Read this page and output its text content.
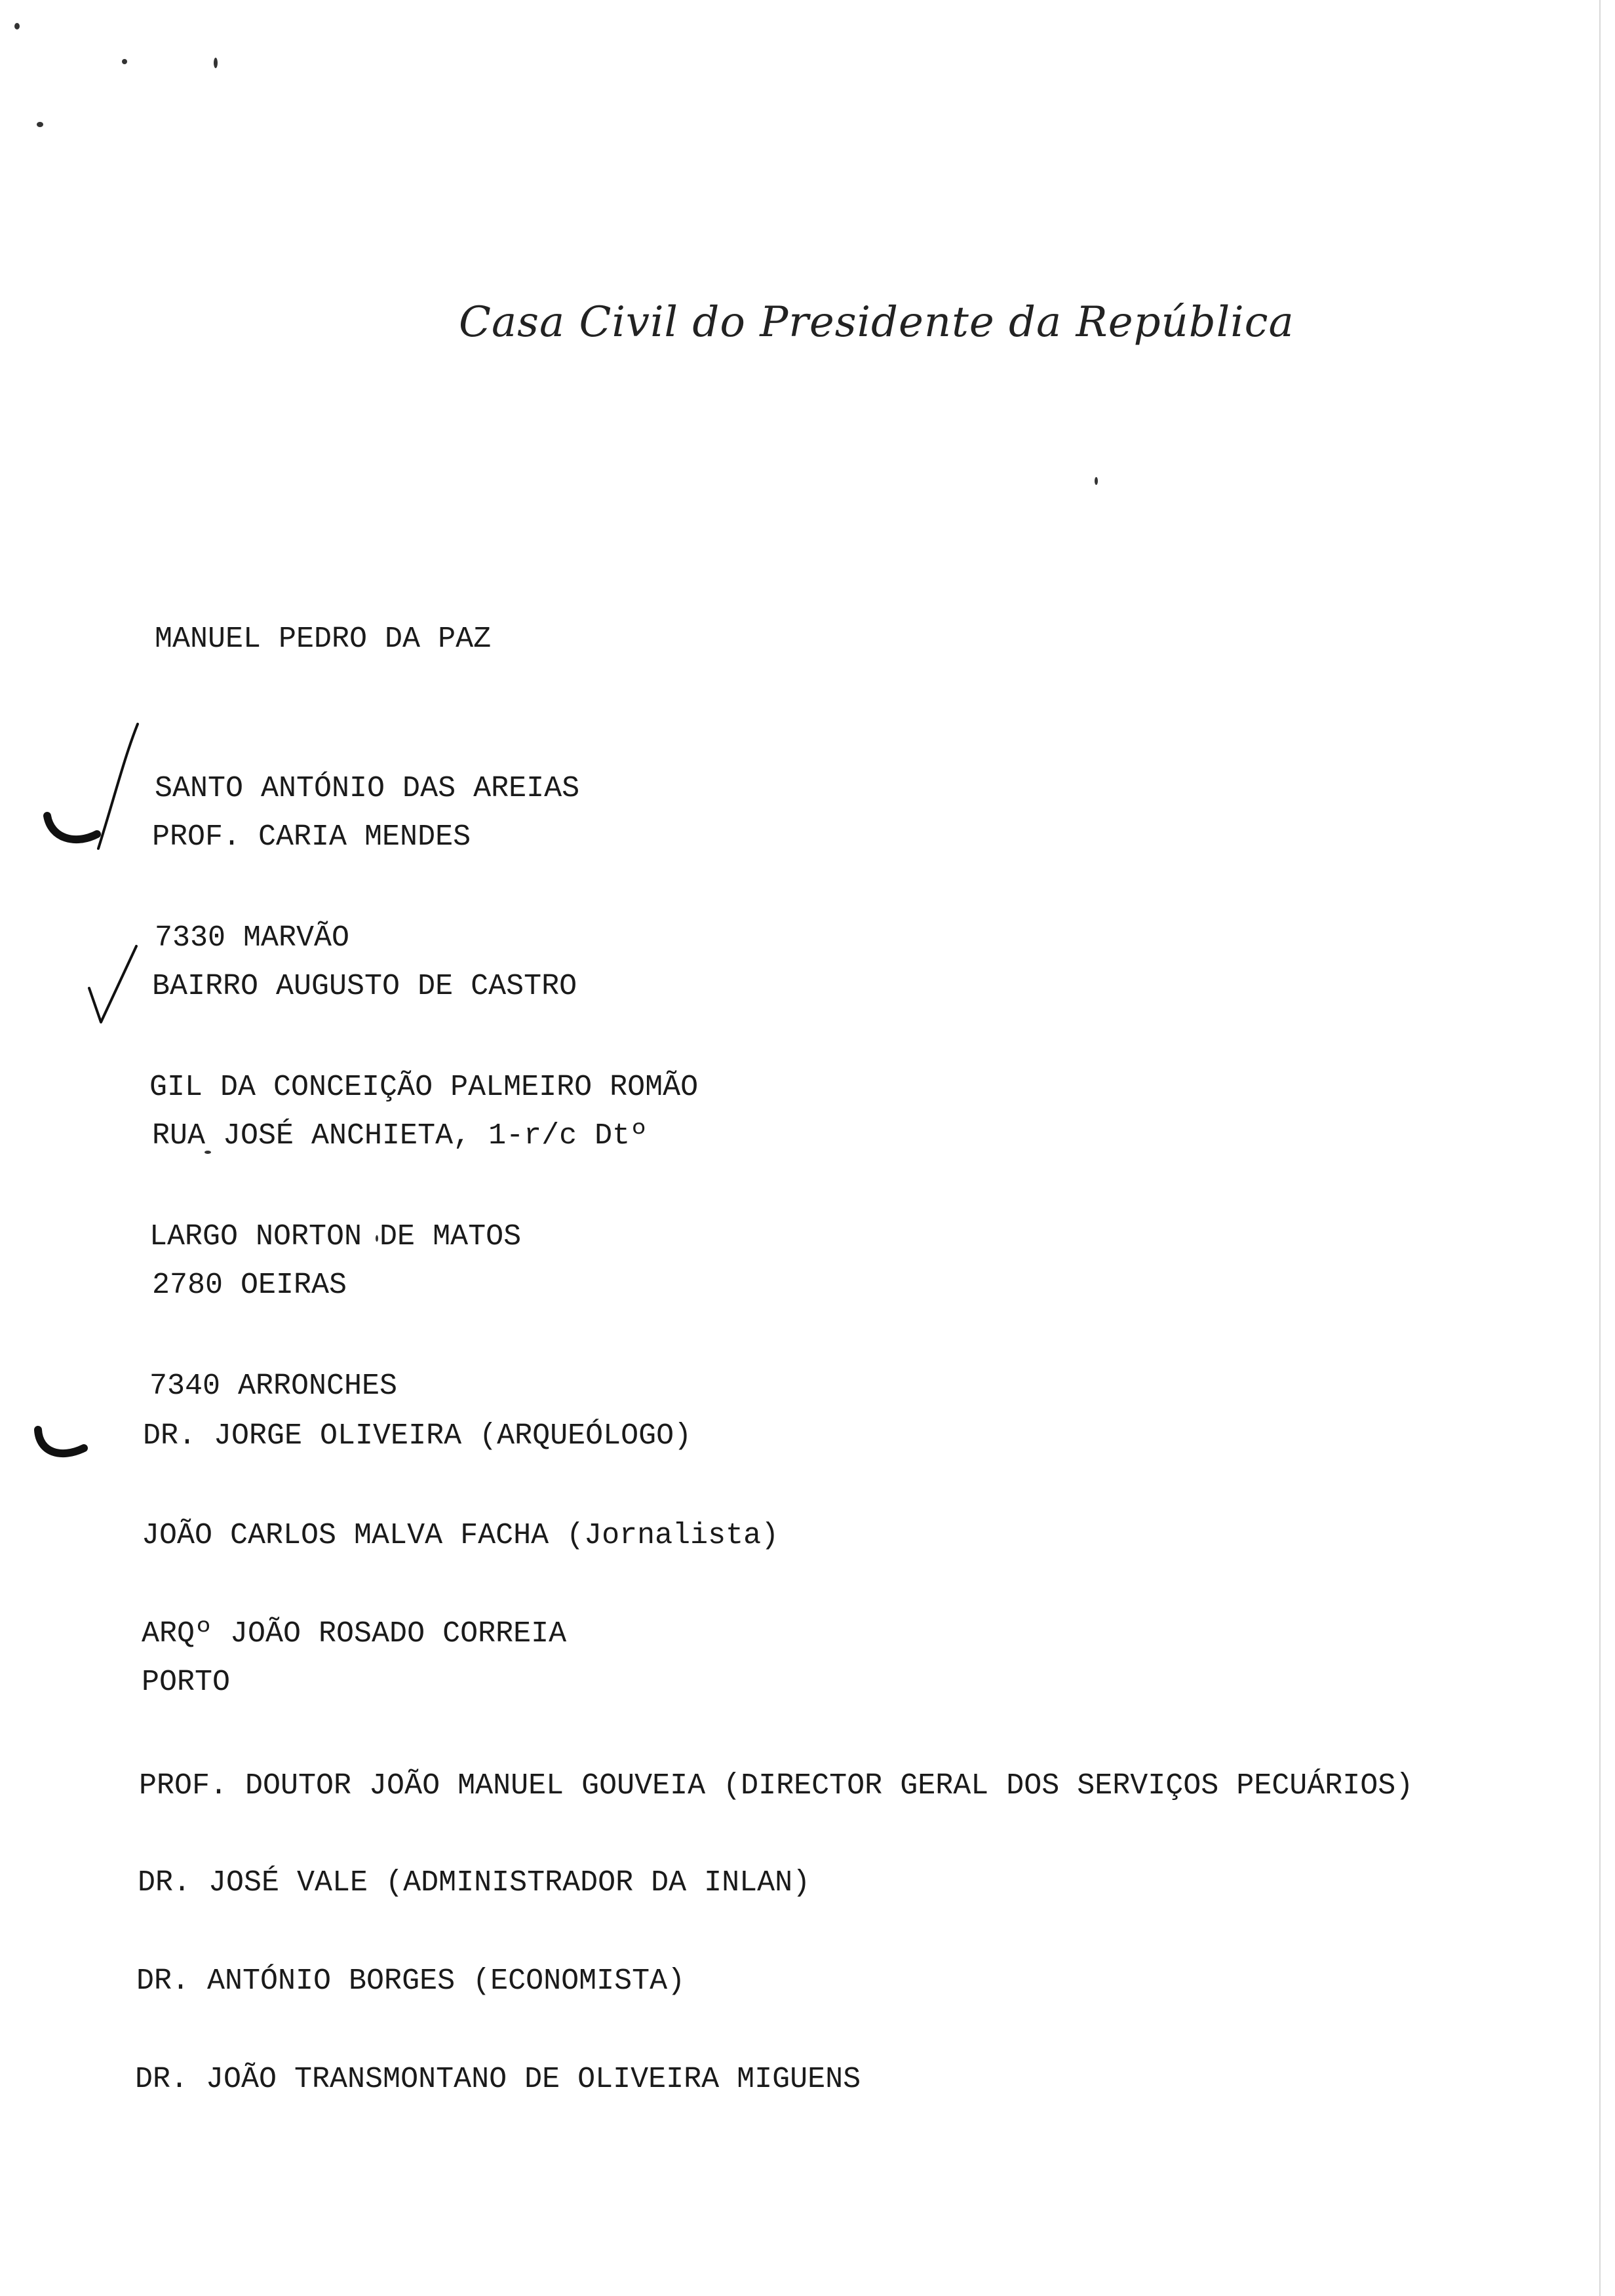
Casa Civil do Presidente da República

MANUEL PEDRO DA PAZ

SANTO ANTÓNIO DAS AREIAS

7330 MARVÃO

PROF. CARIA MENDES

BAIRRO AUGUSTO DE CASTRO

RUA JOSÉ ANCHIETA, 1-r/c Dtº

2780 OEIRAS

GIL DA CONCEIÇÃO PALMEIRO ROMÃO

LARGO NORTON DE MATOS

7340 ARRONCHES

DR. JORGE OLIVEIRA (ARQUEÓLOGO)
JOÃO CARLOS MALVA FACHA (Jornalista)
ARQº JOÃO ROSADO CORREIA
PORTO
PROF. DOUTOR JOÃO MANUEL GOUVEIA (DIRECTOR GERAL DOS SERVIÇOS PECUÁRIOS)
DR. JOSÉ VALE (ADMINISTRADOR DA INLAN)
DR. ANTÓNIO BORGES (ECONOMISTA)
DR. JOÃO TRANSMONTANO DE OLIVEIRA MIGUENS
